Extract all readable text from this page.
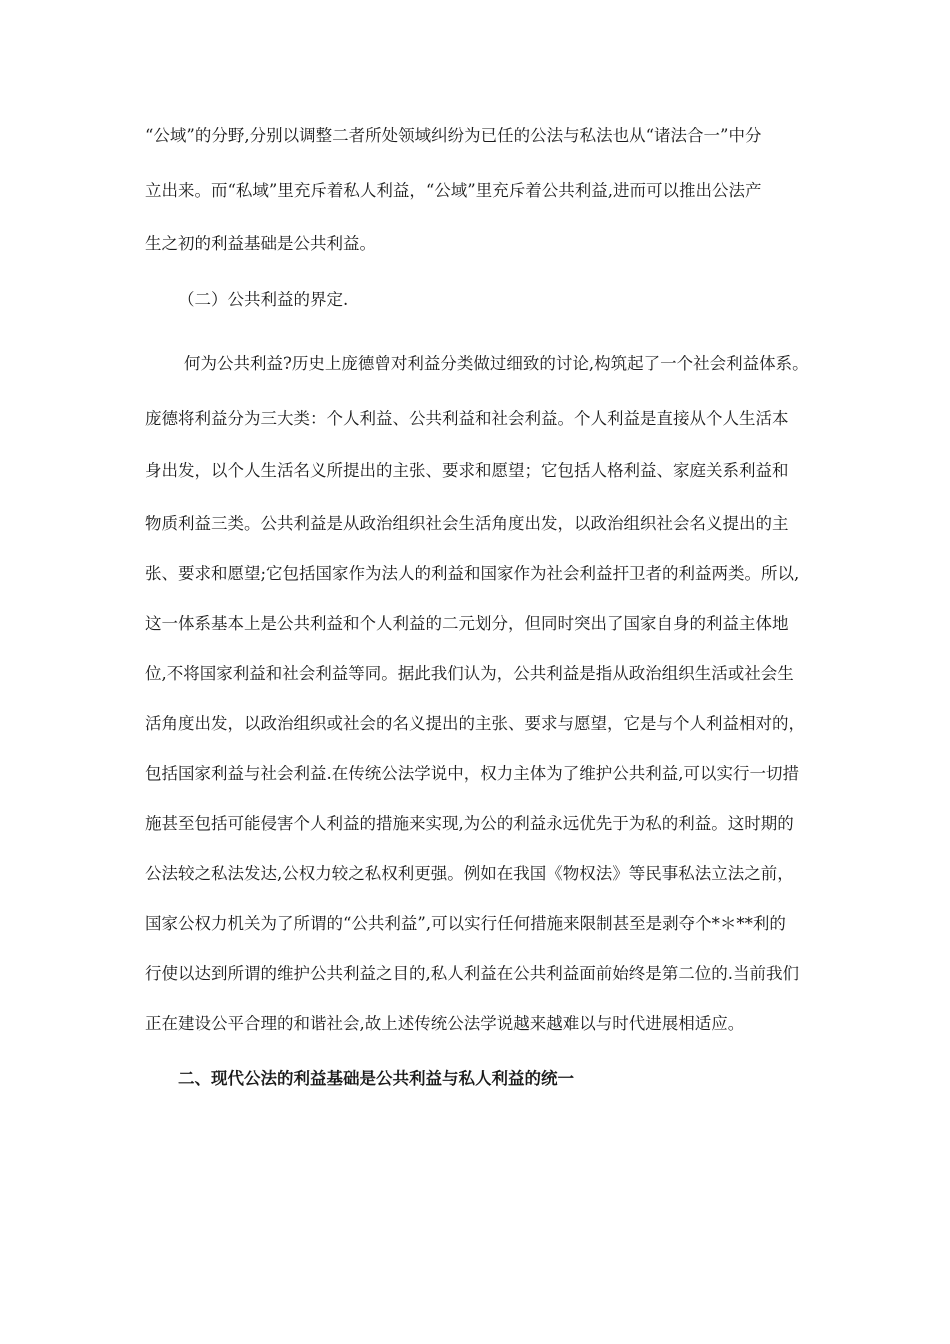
“公域”的分野,分别以调整二者所处领域纠纷为已任的公法与私法也从“诸法合一”中分
立出来。而“私域”里充斥着私人利益，“公域”里充斥着公共利益,进而可以推出公法产
生之初的利益基础是公共利益。
（二）公共利益的界定.
何为公共利益?历史上庞德曾对利益分类做过细致的讨论,构筑起了一个社会利益体系。
庞德将利益分为三大类：个人利益、公共利益和社会利益。个人利益是直接从个人生活本
身出发，以个人生活名义所提出的主张、要求和愿望；它包括人格利益、家庭关系利益和
物质利益三类。公共利益是从政治组织社会生活角度出发，以政治组织社会名义提出的主
张、要求和愿望;它包括国家作为法人的利益和国家作为社会利益扞卫者的利益两类。所以,
这一体系基本上是公共利益和个人利益的二元划分，但同时突出了国家自身的利益主体地
位,不将国家利益和社会利益等同。据此我们认为，公共利益是指从政治组织生活或社会生
活角度出发，以政治组织或社会的名义提出的主张、要求与愿望，它是与个人利益相对的，
包括国家利益与社会利益.在传统公法学说中，权力主体为了维护公共利益,可以实行一切措
施甚至包括可能侵害个人利益的措施来实现,为公的利益永远优先于为私的利益。这时期的
公法较之私法发达,公权力较之私权利更强。例如在我国《物权法》等民事私法立法之前，
国家公权力机关为了所谓的“公共利益”,可以实行任何措施来限制甚至是剥夺个*＊**利的
行使以达到所谓的维护公共利益之目的,私人利益在公共利益面前始终是第二位的.当前我们
正在建设公平合理的和谐社会,故上述传统公法学说越来越难以与时代进展相适应。
二、现代公法的利益基础是公共利益与私人利益的统一
